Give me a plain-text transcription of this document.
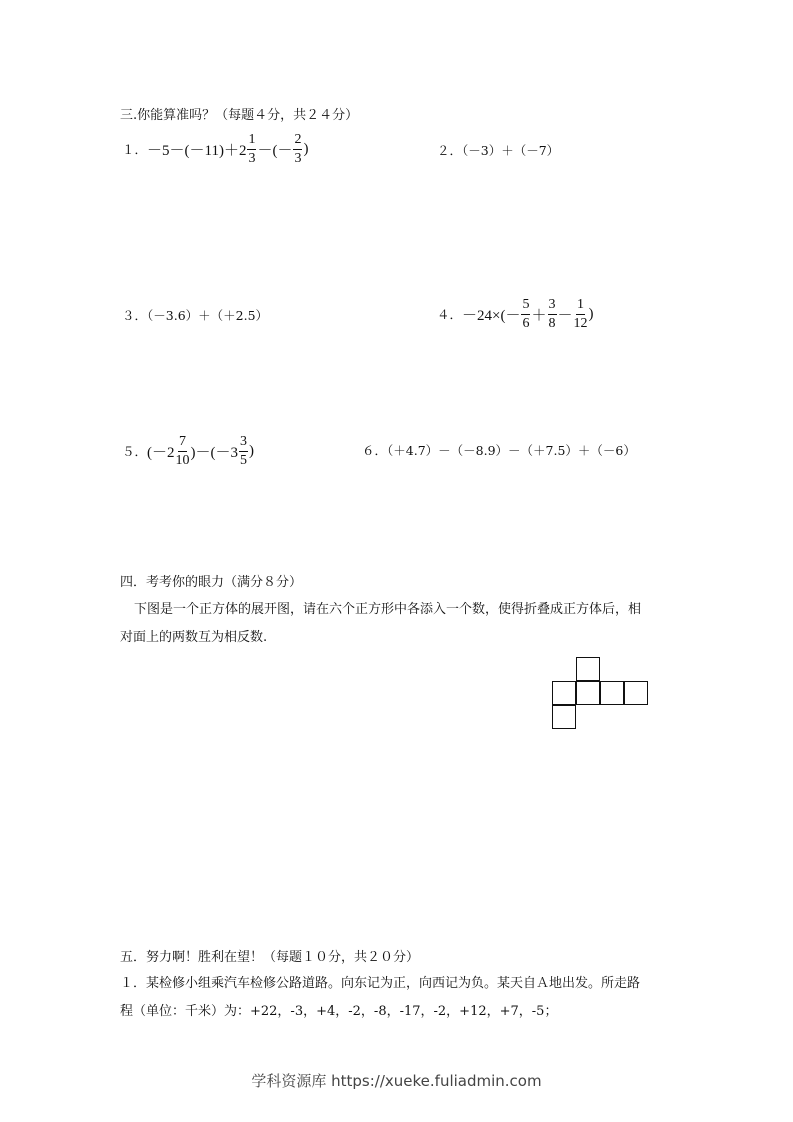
三.你能算准吗？（每题４分，共２４分）
１． $-5-(-11)+2 \frac{1}{3}$ －(－ $\frac{2}{3}$ )	２．（－3）＋（－7）
３．（－3.6）＋（＋2.5）	４． $-24\times(- \frac{5}{6} + \frac{3}{8} - \frac{1}{12}$ )
５． $(-2 \frac{7}{10} )-(-3 \frac{3}{5}$ )	６．（＋4.7）－（－8.9）－（＋7.5）＋（－6）
四．考考你的眼力（满分８分）
下图是一个正方体的展开图，请在六个正方形中各添入一个数，使得折叠成正方体后，相
对面上的两数互为相反数.
五．努力啊！胜利在望！（每题１０分，共２０分）
１．某检修小组乘汽车检修公路道路。向东记为正，向西记为负。某天自Ａ地出发。所走路
程（单位：千米）为：+22，-3，+4，-2，-8，-17，-2，+12，+7，-5；
学科资源库 https://xueke.fuliadmin.com
